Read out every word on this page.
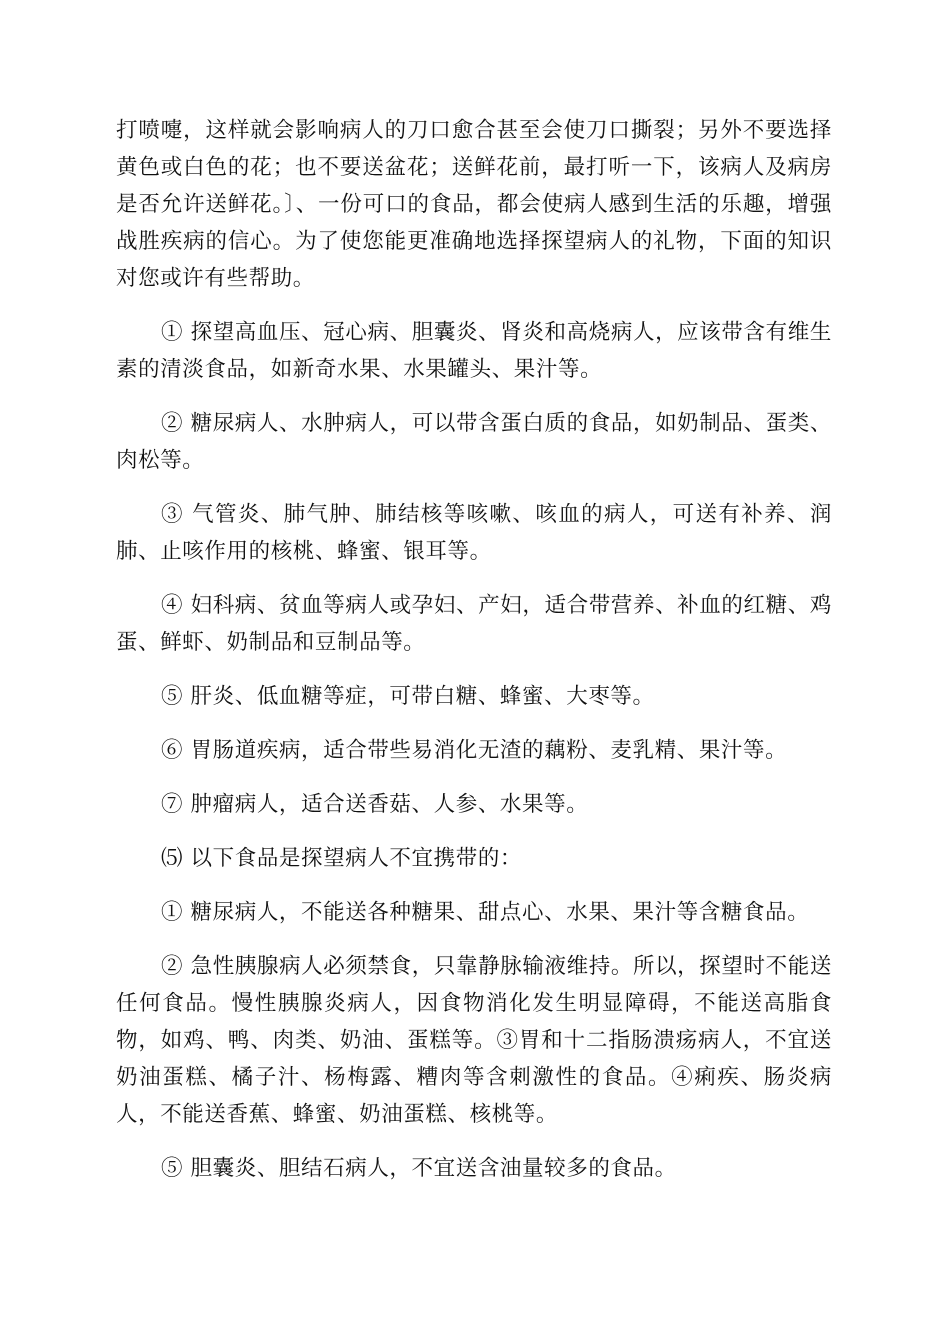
打喷嚏，这样就会影响病人的刀口愈合甚至会使刀口撕裂；另外不要选择黄色或白色的花；也不要送盆花；送鲜花前，最打听一下，该病人及病房是否允许送鲜花。〕、一份可口的食品，都会使病人感到生活的乐趣，增强战胜疾病的信心。为了使您能更准确地选择探望病人的礼物，下面的知识对您或许有些帮助。

① 探望高血压、冠心病、胆囊炎、肾炎和高烧病人，应该带含有维生素的清淡食品，如新奇水果、水果罐头、果汁等。

② 糖尿病人、水肿病人，可以带含蛋白质的食品，如奶制品、蛋类、肉松等。

③ 气管炎、肺气肿、肺结核等咳嗽、咳血的病人，可送有补养、润肺、止咳作用的核桃、蜂蜜、银耳等。

④ 妇科病、贫血等病人或孕妇、产妇，适合带营养、补血的红糖、鸡蛋、鲜虾、奶制品和豆制品等。

⑤ 肝炎、低血糖等症，可带白糖、蜂蜜、大枣等。

⑥ 胃肠道疾病，适合带些易消化无渣的藕粉、麦乳精、果汁等。

⑦ 肿瘤病人，适合送香菇、人参、水果等。

⑸ 以下食品是探望病人不宜携带的：

① 糖尿病人，不能送各种糖果、甜点心、水果、果汁等含糖食品。

② 急性胰腺病人必须禁食，只靠静脉输液维持。所以，探望时不能送任何食品。慢性胰腺炎病人，因食物消化发生明显障碍，不能送高脂食物，如鸡、鸭、肉类、奶油、蛋糕等。③胃和十二指肠溃疡病人，不宜送奶油蛋糕、橘子汁、杨梅露、糟肉等含刺激性的食品。④痢疾、肠炎病人，不能送香蕉、蜂蜜、奶油蛋糕、核桃等。

⑤ 胆囊炎、胆结石病人，不宜送含油量较多的食品。
